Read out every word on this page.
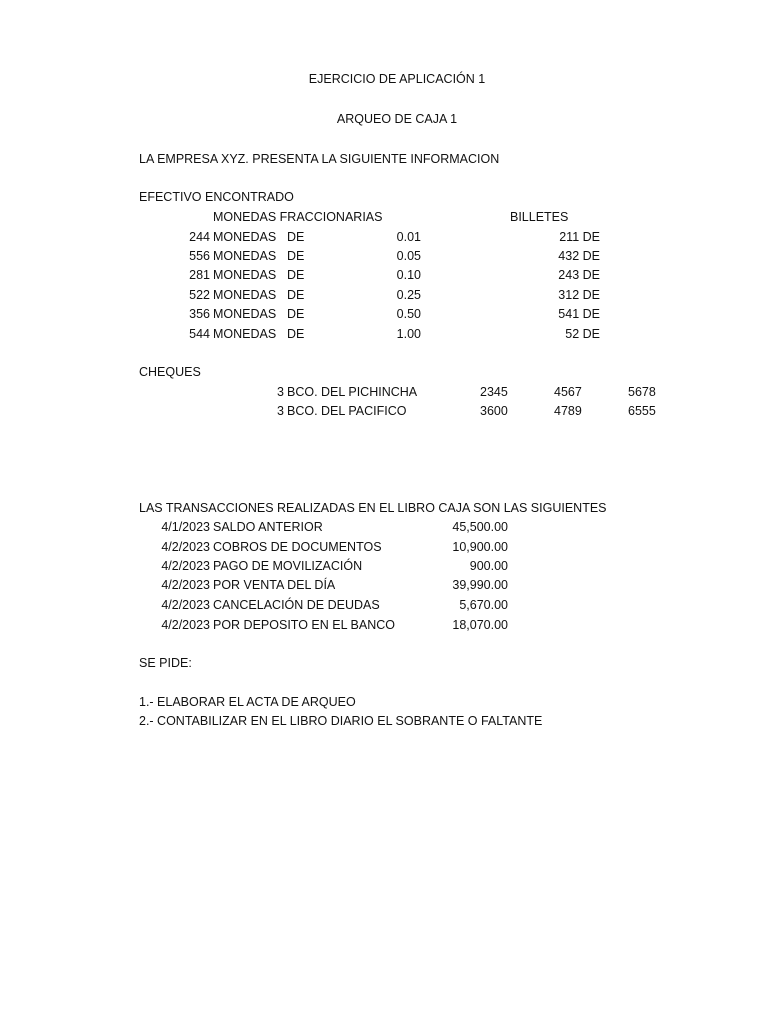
EJERCICIO DE APLICACIÓN 1
ARQUEO DE CAJA 1
LA EMPRESA XYZ. PRESENTA LA SIGUIENTE INFORMACION
EFECTIVO ENCONTRADO
MONEDAS FRACCIONARIAS	BILLETES
244 MONEDAS DE	0.01	211 DE
556 MONEDAS DE	0.05	432 DE
281 MONEDAS DE	0.10	243 DE
522 MONEDAS DE	0.25	312 DE
356 MONEDAS DE	0.50	541 DE
544 MONEDAS DE	1.00	52 DE
CHEQUES
3 BCO. DEL PICHINCHA	2345	4567	5678
3 BCO. DEL PACIFICO	3600	4789	6555
LAS TRANSACCIONES REALIZADAS EN EL LIBRO CAJA SON LAS SIGUIENTES
4/1/2023 SALDO ANTERIOR	45,500.00
4/2/2023 COBROS DE DOCUMENTOS	10,900.00
4/2/2023 PAGO DE MOVILIZACIÓN	900.00
4/2/2023 POR VENTA DEL DÍA	39,990.00
4/2/2023 CANCELACIÓN DE DEUDAS	5,670.00
4/2/2023 POR DEPOSITO EN EL BANCO	18,070.00
SE PIDE:
1.- ELABORAR EL ACTA DE ARQUEO
2.- CONTABILIZAR EN EL LIBRO DIARIO EL SOBRANTE O FALTANTE
